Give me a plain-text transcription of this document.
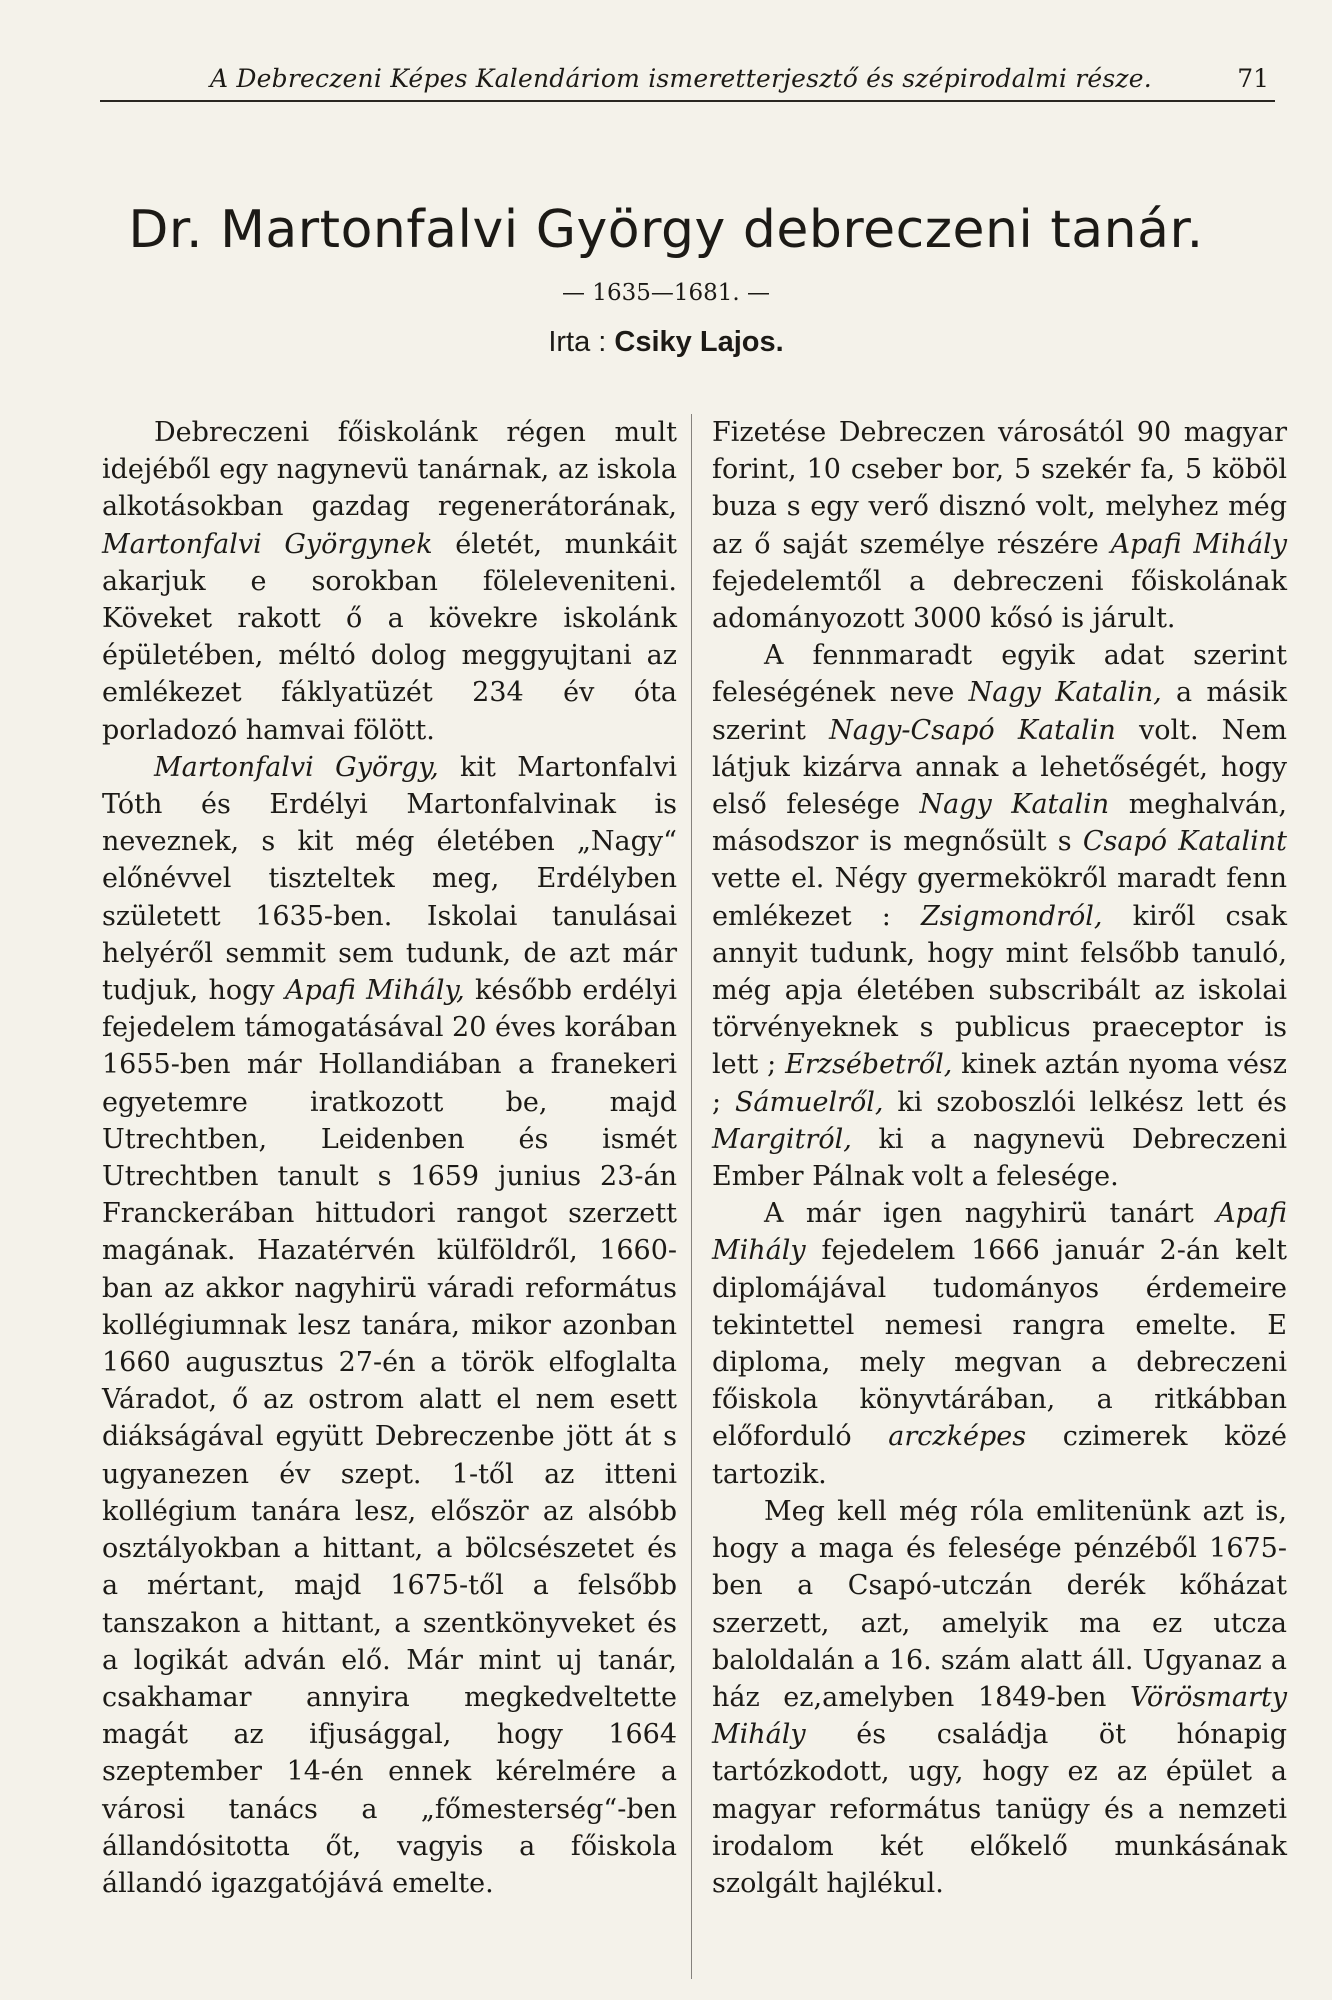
A Debreczeni Képes Kalendáriom ismeretterjesztő és szépirodalmi része.	71
Dr. Martonfalvi György debreczeni tanár.
— 1635—1681. —
Irta : Csiky Lajos.

Debreczeni főiskolánk régen mult idejéből egy nagynevü tanárnak, az iskola alkotásokban gazdag regenerátorának, Martonfalvi Györgynek életét, munkáit akarjuk e sorokban föleleveniteni. Köveket rakott ő a kövekre iskolánk épületében, méltó dolog meggyujtani az emlékezet fáklyatüzét 234 év óta porladozó hamvai fölött.

Martonfalvi György, kit Martonfalvi Tóth és Erdélyi Martonfalvinak is neveznek, s kit még életében „Nagy“ előnévvel tiszteltek meg, Erdélyben született 1635-ben. Iskolai tanulásai helyéről semmit sem tudunk, de azt már tudjuk, hogy Apafi Mihály, később erdélyi fejedelem támogatásával 20 éves korában 1655-ben már Hollandiában a franekeri egyetemre iratkozott be, majd Utrechtben, Leidenben és ismét Utrechtben tanult s 1659 junius 23-án Franckerában hittudori rangot szerzett magának. Hazatérvén külföldről, 1660-ban az akkor nagyhirü váradi református kollégiumnak lesz tanára, mikor azonban 1660 augusztus 27-én a török elfoglalta Váradot, ő az ostrom alatt el nem esett diákságával együtt Debreczenbe jött át s ugyanezen év szept. 1-től az itteni kollégium tanára lesz, először az alsóbb osztályokban a hittant, a bölcsészetet és a mértant, majd 1675-től a felsőbb tanszakon a hittant, a szentkönyveket és a logikát adván elő. Már mint uj tanár, csakhamar annyira megkedveltette magát az ifjusággal, hogy 1664 szeptember 14-én ennek kérelmére a városi tanács a „főmesterség“-ben állandósitotta őt, vagyis a főiskola állandó igazgatójává emelte.

Fizetése Debreczen városától 90 magyar forint, 10 cseber bor, 5 szekér fa, 5 köböl buza s egy verő disznó volt, melyhez még az ő saját személye részére Apafi Mihály fejedelemtől a debreczeni főiskolának adományozott 3000 kősó is járult.

A fennmaradt egyik adat szerint feleségének neve Nagy Katalin, a másik szerint Nagy-Csapó Katalin volt. Nem látjuk kizárva annak a lehetőségét, hogy első felesége Nagy Katalin meghalván, másodszor is megnősült s Csapó Katalint vette el. Négy gyermekökről maradt fenn emlékezet : Zsigmondról, kiről csak annyit tudunk, hogy mint felsőbb tanuló, még apja életében subscribált az iskolai törvényeknek s publicus praeceptor is lett ; Erzsébetről, kinek aztán nyoma vész ; Sámuelről, ki szoboszlói lelkész lett és Margitról, ki a nagynevü Debreczeni Ember Pálnak volt a felesége.

A már igen nagyhirü tanárt Apafi Mihály fejedelem 1666 január 2-án kelt diplomájával tudományos érdemeire tekintettel nemesi rangra emelte. E diploma, mely megvan a debreczeni főiskola könyvtárában, a ritkábban előforduló arczképes czimerek közé tartozik.

Meg kell még róla emlitenünk azt is, hogy a maga és felesége pénzéből 1675-ben a Csapó-utczán derék kőházat szerzett, azt, amelyik ma ez utcza baloldalán a 16. szám alatt áll. Ugyanaz a ház ez,amelyben 1849-ben Vörösmarty Mihály és családja öt hónapig tartózkodott, ugy, hogy ez az épület a magyar református tanügy és a nemzeti irodalom két előkelő munkásának szolgált hajlékul.
